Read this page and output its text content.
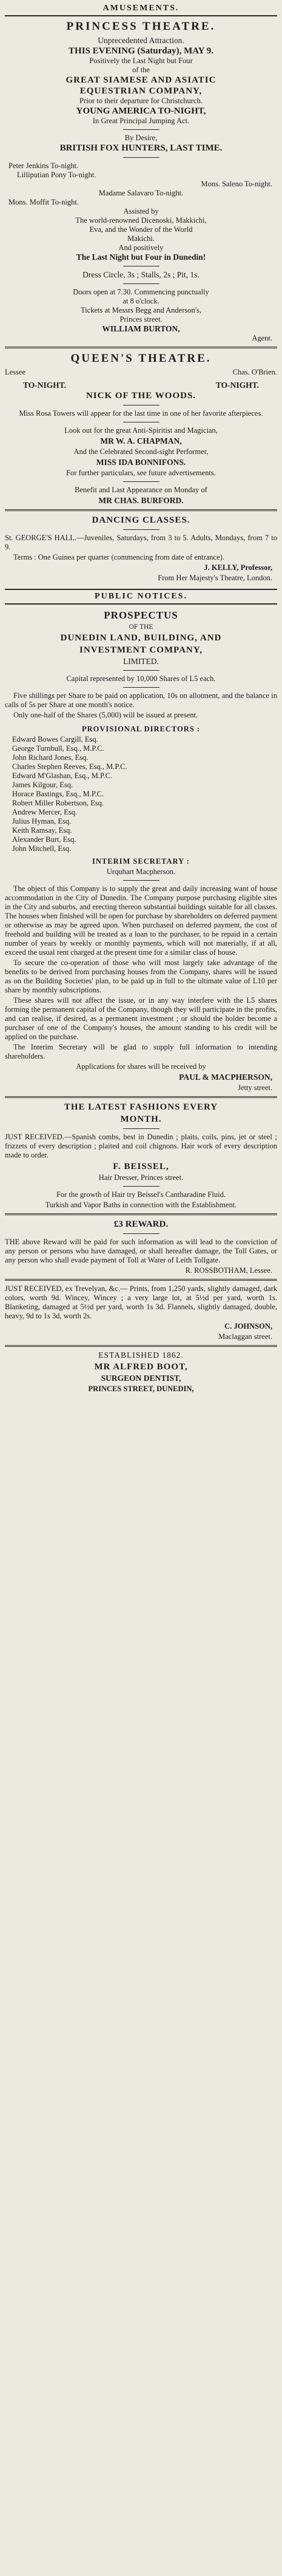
AMUSEMENTS.
PRINCESS THEATRE.

Unprecedented Attraction.

THIS EVENING (Saturday), MAY 9.

Positively the Last Night but Four

of the

GREAT SIAMESE AND ASIATIC

EQUESTRIAN COMPANY,

Prior to their departure for Christchurch.

YOUNG AMERICA TO-NIGHT,

In Great Principal Jumping Act.

By Desire,

BRITISH FOX HUNTERS, LAST TIME.

Peter Jenkins To-night.

Lilliputian Pony To-night.

Mons. Saleno To-night.

Madame Salavaro To-night.

Mons. Moffit To-night.

Assisted by

The world-renowned Dicenoski, Makkichi,

Eva, and the Wonder of the World

Makichi.

And positively

The Last Night but Four in Dunedin!

Dress Circle, 3s ; Stalls, 2s ; Pit, 1s.

Doors open at 7.30. Commencing punctually

at 8 o'clock.

Tickets at Messrs Begg and Anderson's,

Princes street.

WILLIAM BURTON,

Agent.

QUEEN'S THEATRE.
Lessee	Chas. O'Brien.
TO-NIGHT.	TO-NIGHT.

NICK OF THE WOODS.

Miss Rosa Towers will appear for the last time in one of her favorite afterpieces.

Look out for the great Anti-Spiritist and Magician,

MR W. A. CHAPMAN,

And the Celebrated Second-sight Performer,

MISS IDA BONNIFONS.

For further particulars, see future advertisements.

Benefit and Last Appearance on Monday of

MR CHAS. BURFORD.

DANCING CLASSES.

St. GEORGE'S HALL.—Juveniles, Saturdays, from 3 to 5. Adults, Mondays, from 7 to 9.

Terms : One Guinea per quarter (commencing from date of entrance).

J. KELLY, Professor,

From Her Majesty's Theatre, London.

PUBLIC NOTICES.

PROSPECTUS

OF THE

DUNEDIN LAND, BUILDING, AND

INVESTMENT COMPANY,

LIMITED.

Capital represented by 10,000 Shares of L5 each.

Five shillings per Share to be paid on application, 10s on allotment, and the balance in calls of 5s per Share at one month's notice.

Only one-half of the Shares (5,000) will be issued at present.

PROVISIONAL DIRECTORS :

Edward Bowes Cargill, Esq.

George Turnbull, Esq., M.P.C.

John Richard Jones, Esq.

Charles Stephen Reeves, Esq., M.P.C.

Edward M'Glashan, Esq., M.P.C.

James Kilgour, Esq.

Horace Bastings, Esq., M.P.C.

Robert Miller Robertson, Esq.

Andrew Mercer, Esq.

Julius Hyman, Esq.

Keith Ramsay, Esq.

Alexander Burt, Esq.

John Mitchell, Esq.

INTERIM SECRETARY :

Urquhart Macpherson.

The object of this Company is to supply the great and daily increasing want of house accommodation in the City of Dunedin. The Company purpose purchasing eligible sites in the City and suburbs, and erecting thereon substantial buildings suitable for all classes. The houses when finished will be open for purchase by shareholders on deferred payment or otherwise as may be agreed upon. When purchased on deferred payment, the cost of freehold and building will be treated as a loan to the purchaser, to be repaid in a certain number of years by weekly or monthly payments, which will not materially, if at all, exceed the usual rent charged at the present time for a similar class of house.

To secure the co-operation of those who will most largely take advantage of the benefits to be derived from purchasing houses from the Company, shares will be issued as on the Building Societies' plan, to be paid up in full to the ultimate value of L10 per share by monthly subscriptions.

These shares will not affect the issue, or in any way interfere with the L5 shares forming the permanent capital of the Company, though they will participate in the profits, and can realise, if desired, as a permanent investment ; or should the holder become a purchaser of one of the Company's houses, the amount standing to his credit will be applied on the purchase.

The Interim Secretary will be glad to supply full information to intending shareholders.

Applications for shares will be received by

PAUL & MACPHERSON,

Jetty street.

THE LATEST FASHIONS EVERY

MONTH.

JUST RECEIVED.—Spanish combs, best in Dunedin ; plaits, coils, pins, jet or steel ; frizzets of every description ; plaited and coil chignons. Hair work of every description made to order.

F. BEISSEL,

Hair Dresser, Princes street.

For the growth of Hair try Beissel's Cantharadine Fluid.

Turkish and Vapor Baths in connection with the Establishment.

£3 REWARD.

THE above Reward will be paid for such information as will lead to the conviction of any person or persons who have damaged, or shall hereafter damage, the Toll Gates, or any person who shall evade payment of Toll at Water of Leith Tollgate.

R. ROSSBOTHAM, Lessee.

JUST RECEIVED, ex Trevelyan, &c.— Prints, from 1,250 yards, slightly damaged, dark colors, worth 9d. Wincey, Wincey ; a very large lot, at 5½d per yard, worth 1s. Blanketing, damaged at 5½d per yard, worth 1s 3d. Flannels, slightly damaged, double, heavy, 9d to 1s 3d, worth 2s.

C. JOHNSON,

Maclaggan street.

ESTABLISHED 1862.

MR ALFRED BOOT,

SURGEON DENTIST,

PRINCES STREET, DUNEDIN,
